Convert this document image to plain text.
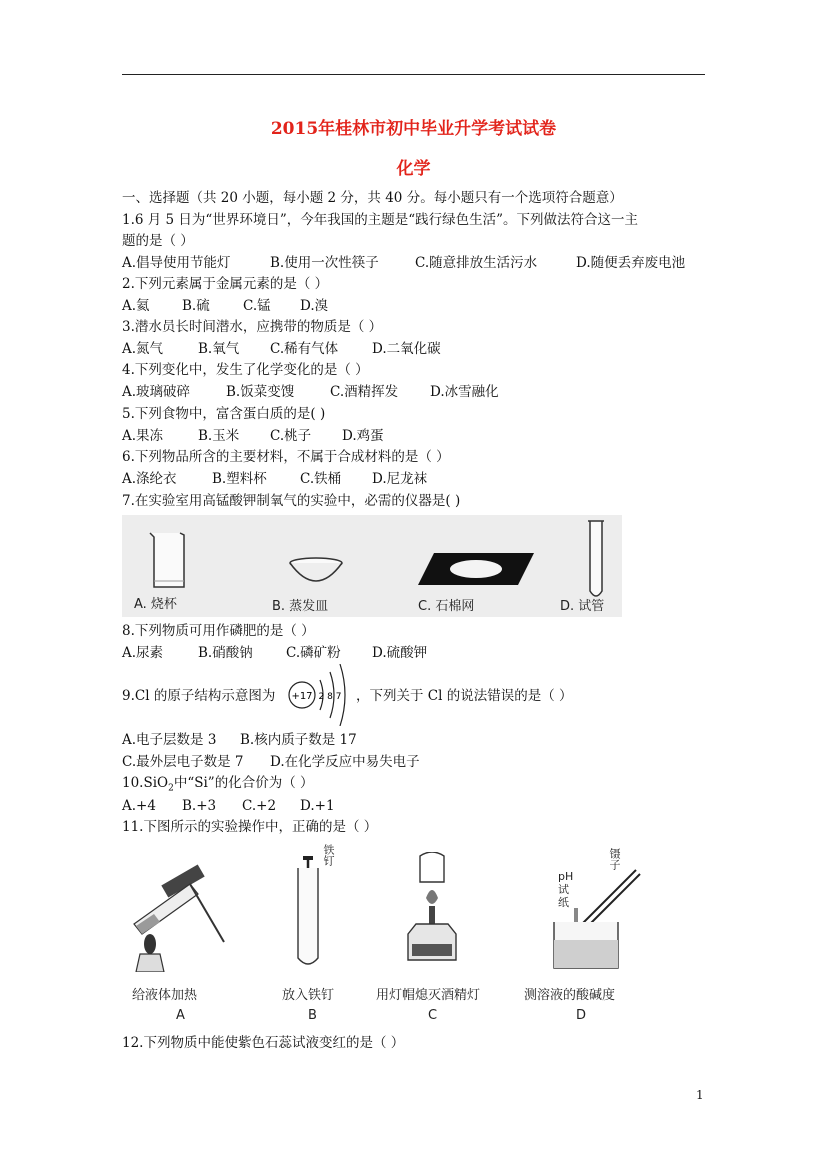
2015年桂林市初中毕业升学考试试卷
化学
一、选择题（共 20 小题，每小题 2 分，共 40 分。每小题只有一个选项符合题意）
1.6 月 5 日为“世界环境日”，今年我国的主题是“践行绿色生活”。下列做法符合这一主
题的是（ ）
A.倡导使用节能灯	B.使用一次性筷子	C.随意排放生活污水	D.随便丢弃废电池
2.下列元素属于金属元素的是（ ）
A.氦 B.硫 C.锰 D.溴
3.潜水员长时间潜水，应携带的物质是（ ）
A.氮气	B.氧气 C.稀有气体	D.二氧化碳
4.下列变化中，发生了化学变化的是（ ）
A.玻璃破碎	B.饭菜变馊	C.酒精挥发 D.冰雪融化
5.下列食物中，富含蛋白质的是( )
A.果冻	B.玉米 C.桃子 D.鸡蛋
6.下列物品所含的主要材料，不属于合成材料的是（ ）
A.涤纶衣	B.塑料杯 C.铁桶 D.尼龙袜
7.在实验室用高锰酸钾制氧气的实验中，必需的仪器是( )
A. 烧杯	B. 蒸发皿	C. 石棉网	D. 试管
8.下列物质可用作磷肥的是（ ）
A.尿素	B.硝酸钠 C.磷矿粉 D.硫酸钾
9.Cl 的原子结构示意图为 +17 2 8 7 ，下列关于 Cl 的说法错误的是（ ）
A.电子层数是 3 B.核内质子数是 17
C.最外层电子数是 7 D.在化学反应中易失电子
10.SiO$_2$中“Si”的化合价为（ ）
A.+4 B.+3 C.+2 D.+1
11.下图所示的实验操作中，正确的是（ ）
铁钉
pH 试纸
镊子
给液体加热	放入铁钉	用灯帽熄灭酒精灯	测溶液的酸碱度
A	B	C	D
12.下列物质中能使紫色石蕊试液变红的是（ ）
1
